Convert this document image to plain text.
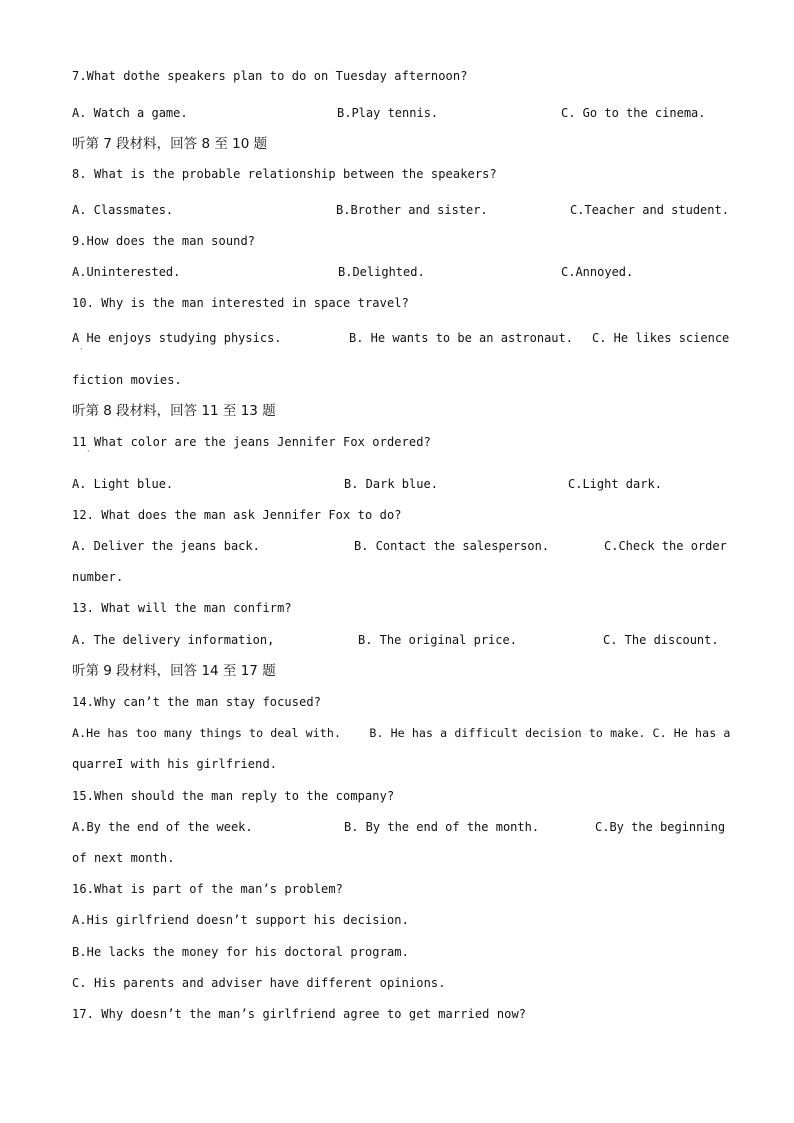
7.What dothe speakers plan to do on Tuesday afternoon?
A. Watch a game.	B.Play tennis.	C. Go to the cinema.
听第 7 段材料，回答 8 至 10 题
8. What is the probable relationship between the speakers?
A. Classmates.	B.Brother and sister.	C.Teacher and student.
9.How does the man sound?
A.Uninterested.	B.Delighted.	C.Annoyed.
10. Why is the man interested in space travel?
A He enjoys studying physics.	B. He wants to be an astronaut. C. He likes science
ˋ
fiction movies.
听第 8 段材料，回答 11 至 13 题
11 What color are the jeans Jennifer Fox ordered?
ˋ
A. Light blue.	B. Dark blue.	C.Light dark.
12. What does the man ask Jennifer Fox to do?
A. Deliver the jeans back.	B. Contact the salesperson.	C.Check the order
number.
13. What will the man confirm?
A. The delivery information,	B. The original price.	C. The discount.
听第 9 段材料，回答 14 至 17 题
14.Why can’t the man stay focused?
A.He has too many things to deal with.    B. He has a difficult decision to make. C. He has a
quarreI with his girlfriend.
15.When should the man reply to the company?
A.By the end of the week.	B. By the end of the month.	C.By the beginning
of next month.
16.What is part of the man’s problem?
A.His girlfriend doesn’t support his decision.
B.He lacks the money for his doctoral program.
C. His parents and adviser have different opinions.
17. Why doesn’t the man’s girlfriend agree to get married now?
